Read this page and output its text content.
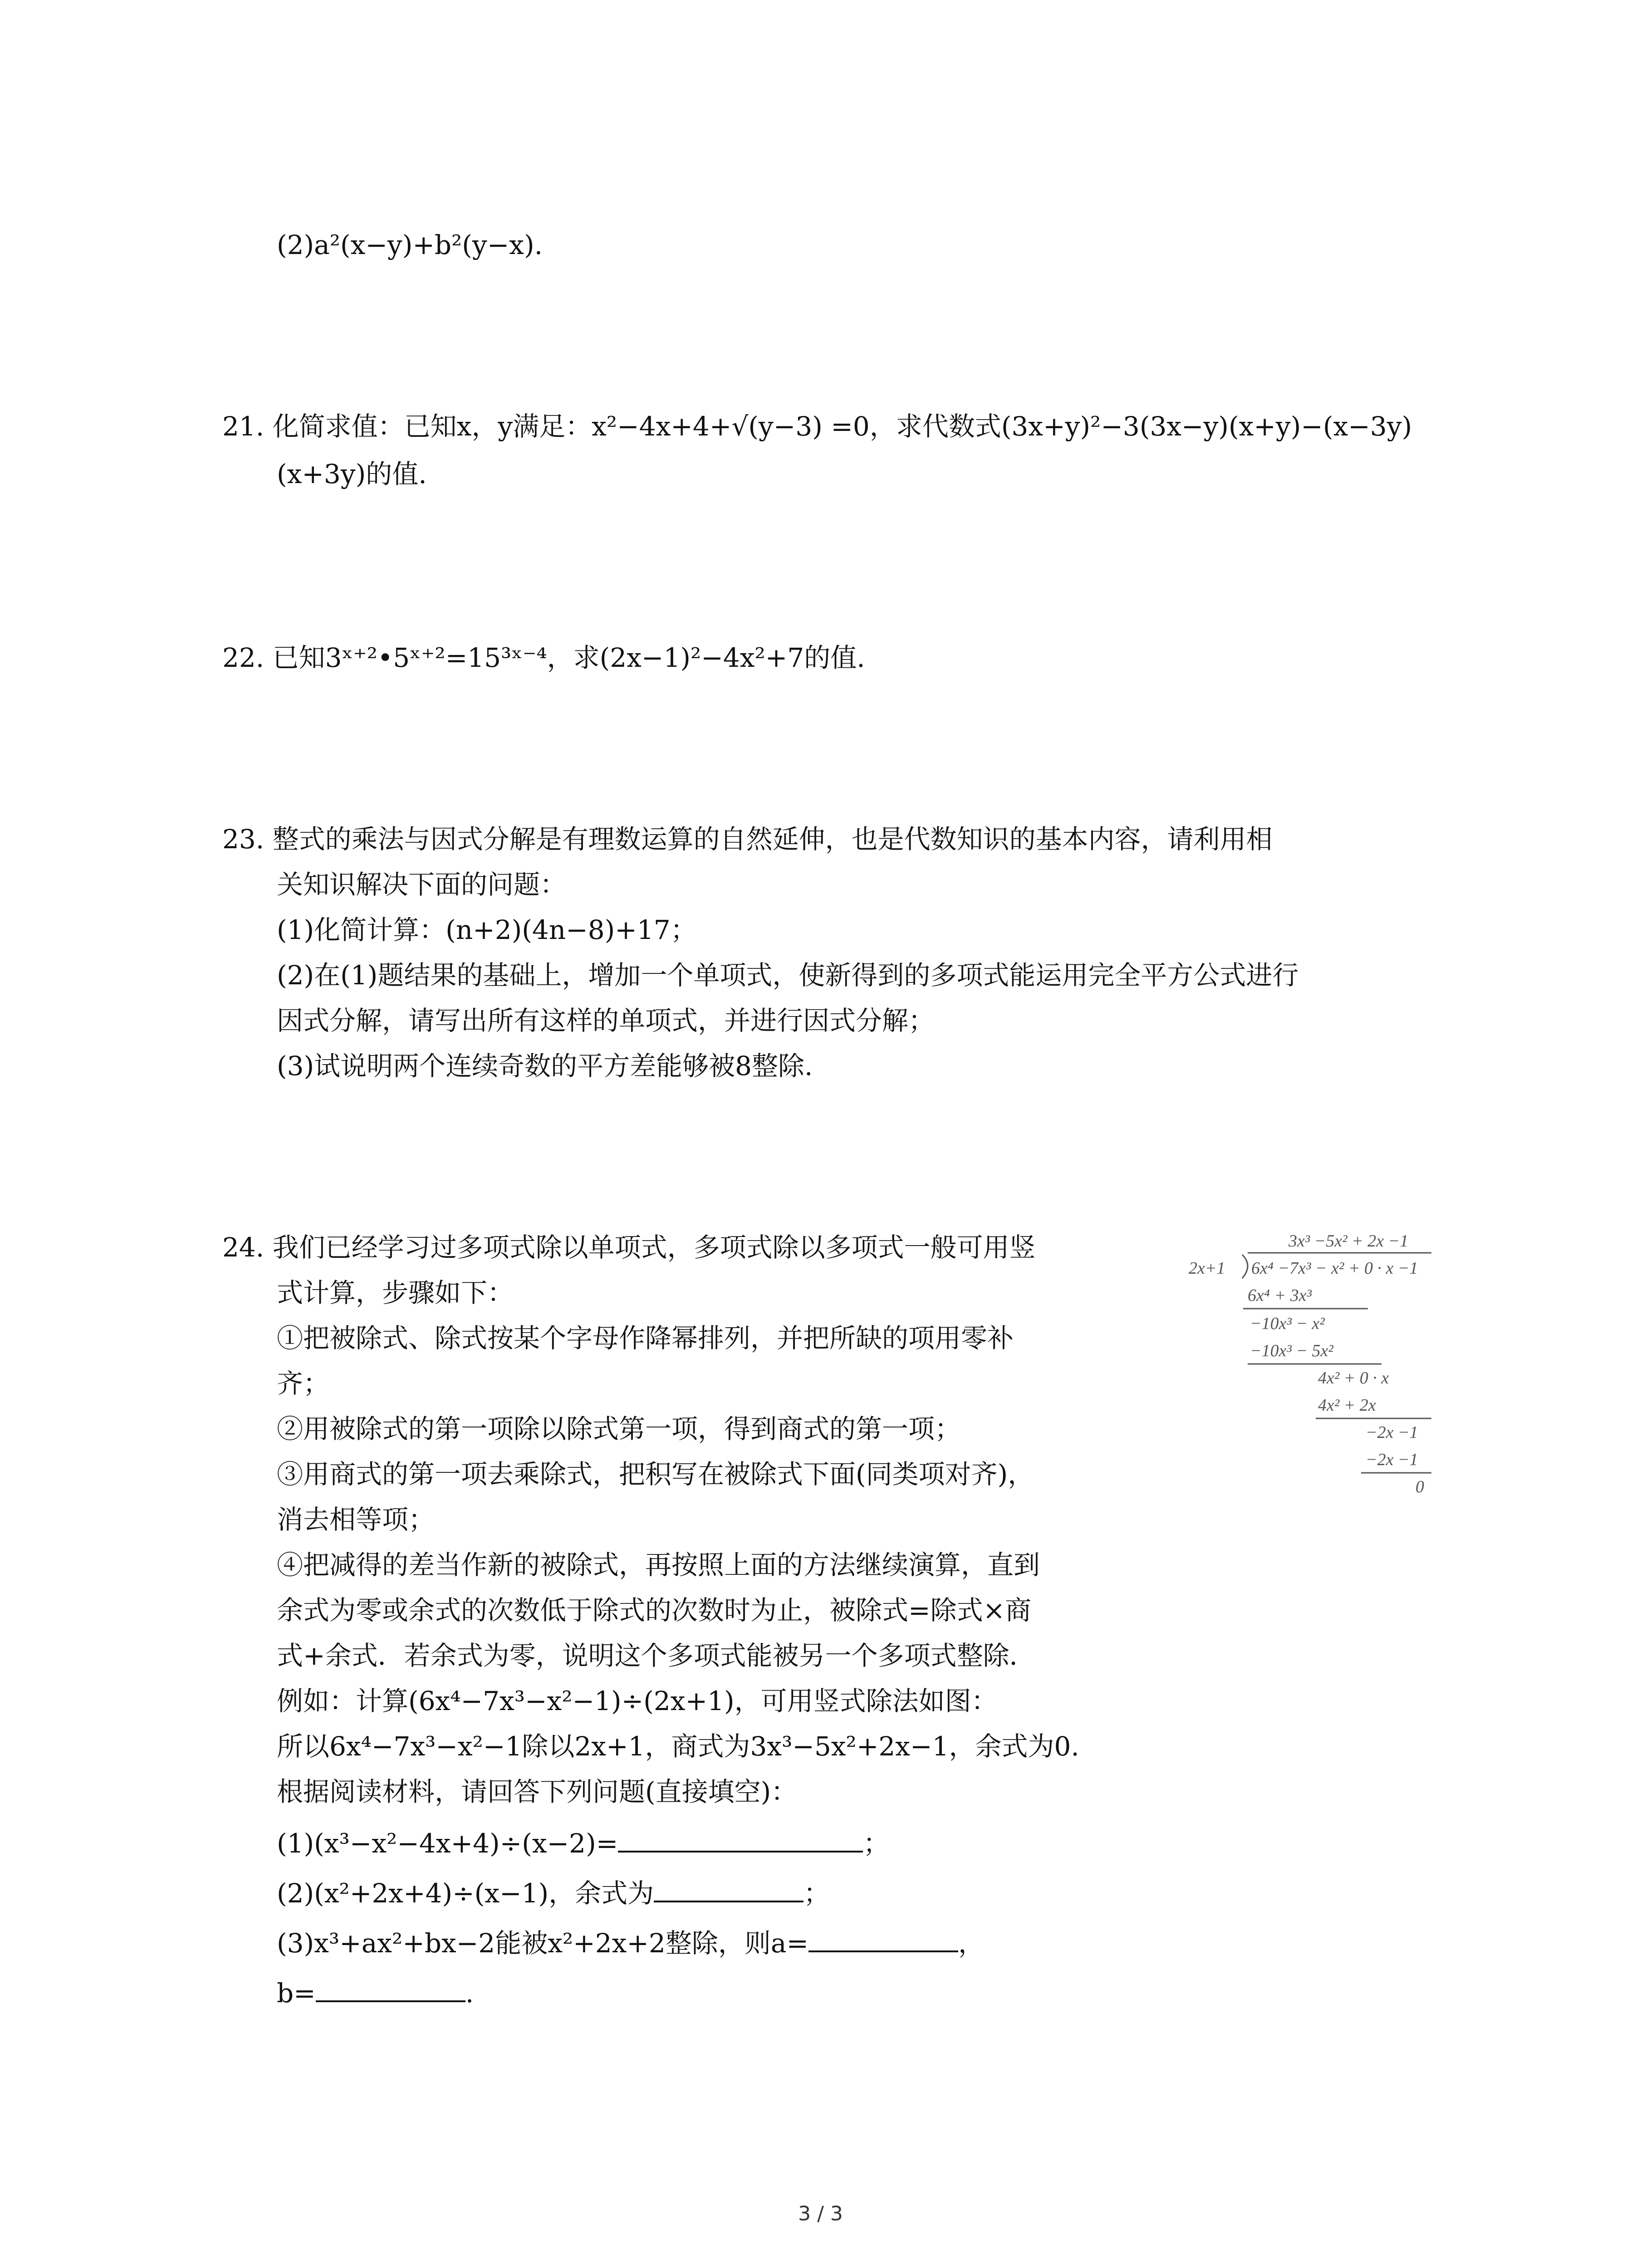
(2)a²(x−y)+b²(y−x).
21. 化简求值：已知x，y满足：x²−4x+4+√(y−3) =0，求代数式(3x+y)²−3(3x−y)(x+y)−(x−3y)
(x+3y)的值.
22. 已知3ˣ⁺²•5ˣ⁺²=15³ˣ⁻⁴，求(2x−1)²−4x²+7的值.
23. 整式的乘法与因式分解是有理数运算的自然延伸，也是代数知识的基本内容，请利用相
关知识解决下面的问题：
(1)化简计算：(n+2)(4n−8)+17；
(2)在(1)题结果的基础上，增加一个单项式，使新得到的多项式能运用完全平方公式进行
因式分解，请写出所有这样的单项式，并进行因式分解；
(3)试说明两个连续奇数的平方差能够被8整除.
24. 我们已经学习过多项式除以单项式，多项式除以多项式一般可用竖
式计算，步骤如下：
①把被除式、除式按某个字母作降幂排列，并把所缺的项用零补
齐；
②用被除式的第一项除以除式第一项，得到商式的第一项；
③用商式的第一项去乘除式，把积写在被除式下面(同类项对齐)，
消去相等项；
④把减得的差当作新的被除式，再按照上面的方法继续演算，直到
余式为零或余式的次数低于除式的次数时为止，被除式=除式×商
式+余式．若余式为零，说明这个多项式能被另一个多项式整除．
例如：计算(6x⁴−7x³−x²−1)÷(2x+1)，可用竖式除法如图：
所以6x⁴−7x³−x²−1除以2x+1，商式为3x³−5x²+2x−1，余式为0.
根据阅读材料，请回答下列问题(直接填空)：
(1)(x³−x²−4x+4)÷(x−2)=	；
(2)(x²+2x+4)÷(x−1)，余式为	；
(3)x³+ax²+bx−2能被x²+2x+2整除，则a=	，
b=	.
3x³ −5x² + 2x −1
2x+1 6x⁴ −7x³ − x² + 0 · x −1
6x⁴ + 3x³
−10x³ − x²
−10x³ − 5x²
4x² + 0 · x
4x² + 2x
−2x −1
−2x −1
0
3 / 3
